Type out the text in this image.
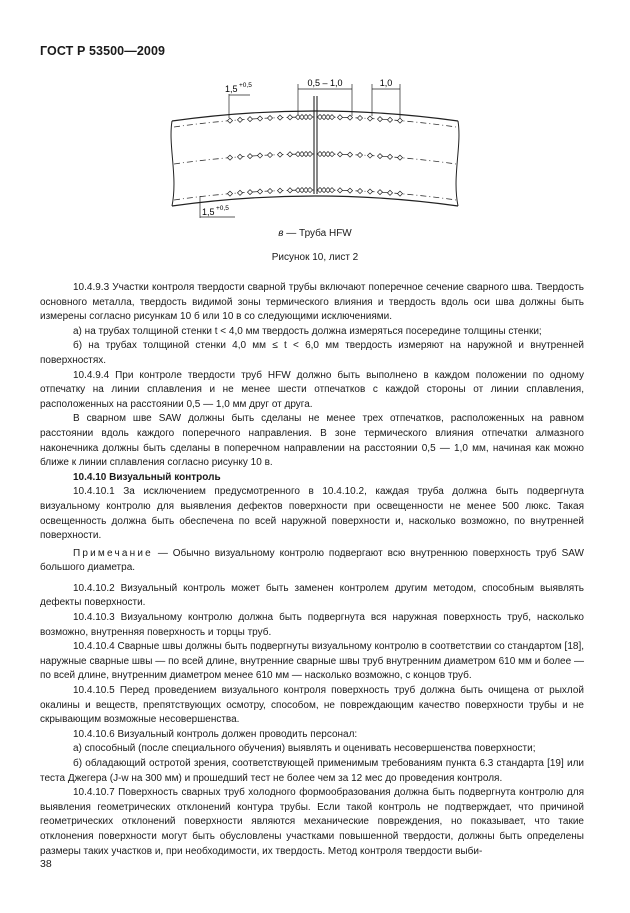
ГОСТ Р 53500—2009
1,5 +0,5	0,5 – 1,0	1,0
1,5 +0,5
в — Труба HFW
Рисунок 10, лист 2

10.4.9.3 Участки контроля твердости сварной трубы включают поперечное сечение сварного шва. Твердость основного металла, твердость видимой зоны термического влияния и твердость вдоль оси шва должны быть измерены согласно рисункам 10 б или 10 в со следующими исключениями.

а) на трубах толщиной стенки t < 4,0 мм твердость должна измеряться посередине толщины стенки;

б) на трубах толщиной стенки 4,0 мм ≤ t < 6,0 мм твердость измеряют на наружной и внутренней поверхностях.

10.4.9.4 При контроле твердости труб HFW должно быть выполнено в каждом положении по одному отпечатку на линии сплавления и не менее шести отпечатков с каждой стороны от линии сплавления, расположенных на расстоянии 0,5 — 1,0 мм друг от друга.

В сварном шве SAW должны быть сделаны не менее трех отпечатков, расположенных на равном расстоянии вдоль каждого поперечного направления. В зоне термического влияния отпечатки алмазного наконечника должны быть сделаны в поперечном направлении на расстоянии 0,5 — 1,0 мм, начиная как можно ближе к линии сплавления согласно рисунку 10 в.

10.4.10 Визуальный контроль

10.4.10.1 За исключением предусмотренного в 10.4.10.2, каждая труба должна быть подвергнута визуальному контролю для выявления дефектов поверхности при освещенности не менее 500 люкс. Такая освещенность должна быть обеспечена по всей наружной поверхности и, насколько возможно, по внутренней поверхности.

Примечание — Обычно визуальному контролю подвергают всю внутреннюю поверхность труб SAW большого диаметра.

10.4.10.2 Визуальный контроль может быть заменен контролем другим методом, способным выявлять дефекты поверхности.

10.4.10.3 Визуальному контролю должна быть подвергнута вся наружная поверхность труб, насколько возможно, внутренняя поверхность и торцы труб.

10.4.10.4 Сварные швы должны быть подвергнуты визуальному контролю в соответствии со стандартом [18], наружные сварные швы — по всей длине, внутренние сварные швы труб внутренним диаметром 610 мм и более — по всей длине, внутренним диаметром менее 610 мм — насколько возможно, с концов труб.

10.4.10.5 Перед проведением визуального контроля поверхность труб должна быть очищена от рыхлой окалины и веществ, препятствующих осмотру, способом, не повреждающим качество поверхности трубы и не скрывающим возможные несовершенства.

10.4.10.6 Визуальный контроль должен проводить персонал:

а) способный (после специального обучения) выявлять и оценивать несовершенства поверхности;

б) обладающий остротой зрения, соответствующей применимым требованиям пункта 6.3 стандарта [19] или теста Джегера (J-w на 300 мм) и прошедший тест не более чем за 12 мес до проведения контроля.

10.4.10.7 Поверхность сварных труб холодного формообразования должна быть подвергнута контролю для выявления геометрических отклонений контура трубы. Если такой контроль не подтверждает, что причиной геометрических отклонений поверхности являются механические повреждения, но показывает, что такие отклонения поверхности могут быть обусловлены участками повышенной твердости, должны быть определены размеры таких участков и, при необходимости, их твердость. Метод контроля твердости выби-

38
